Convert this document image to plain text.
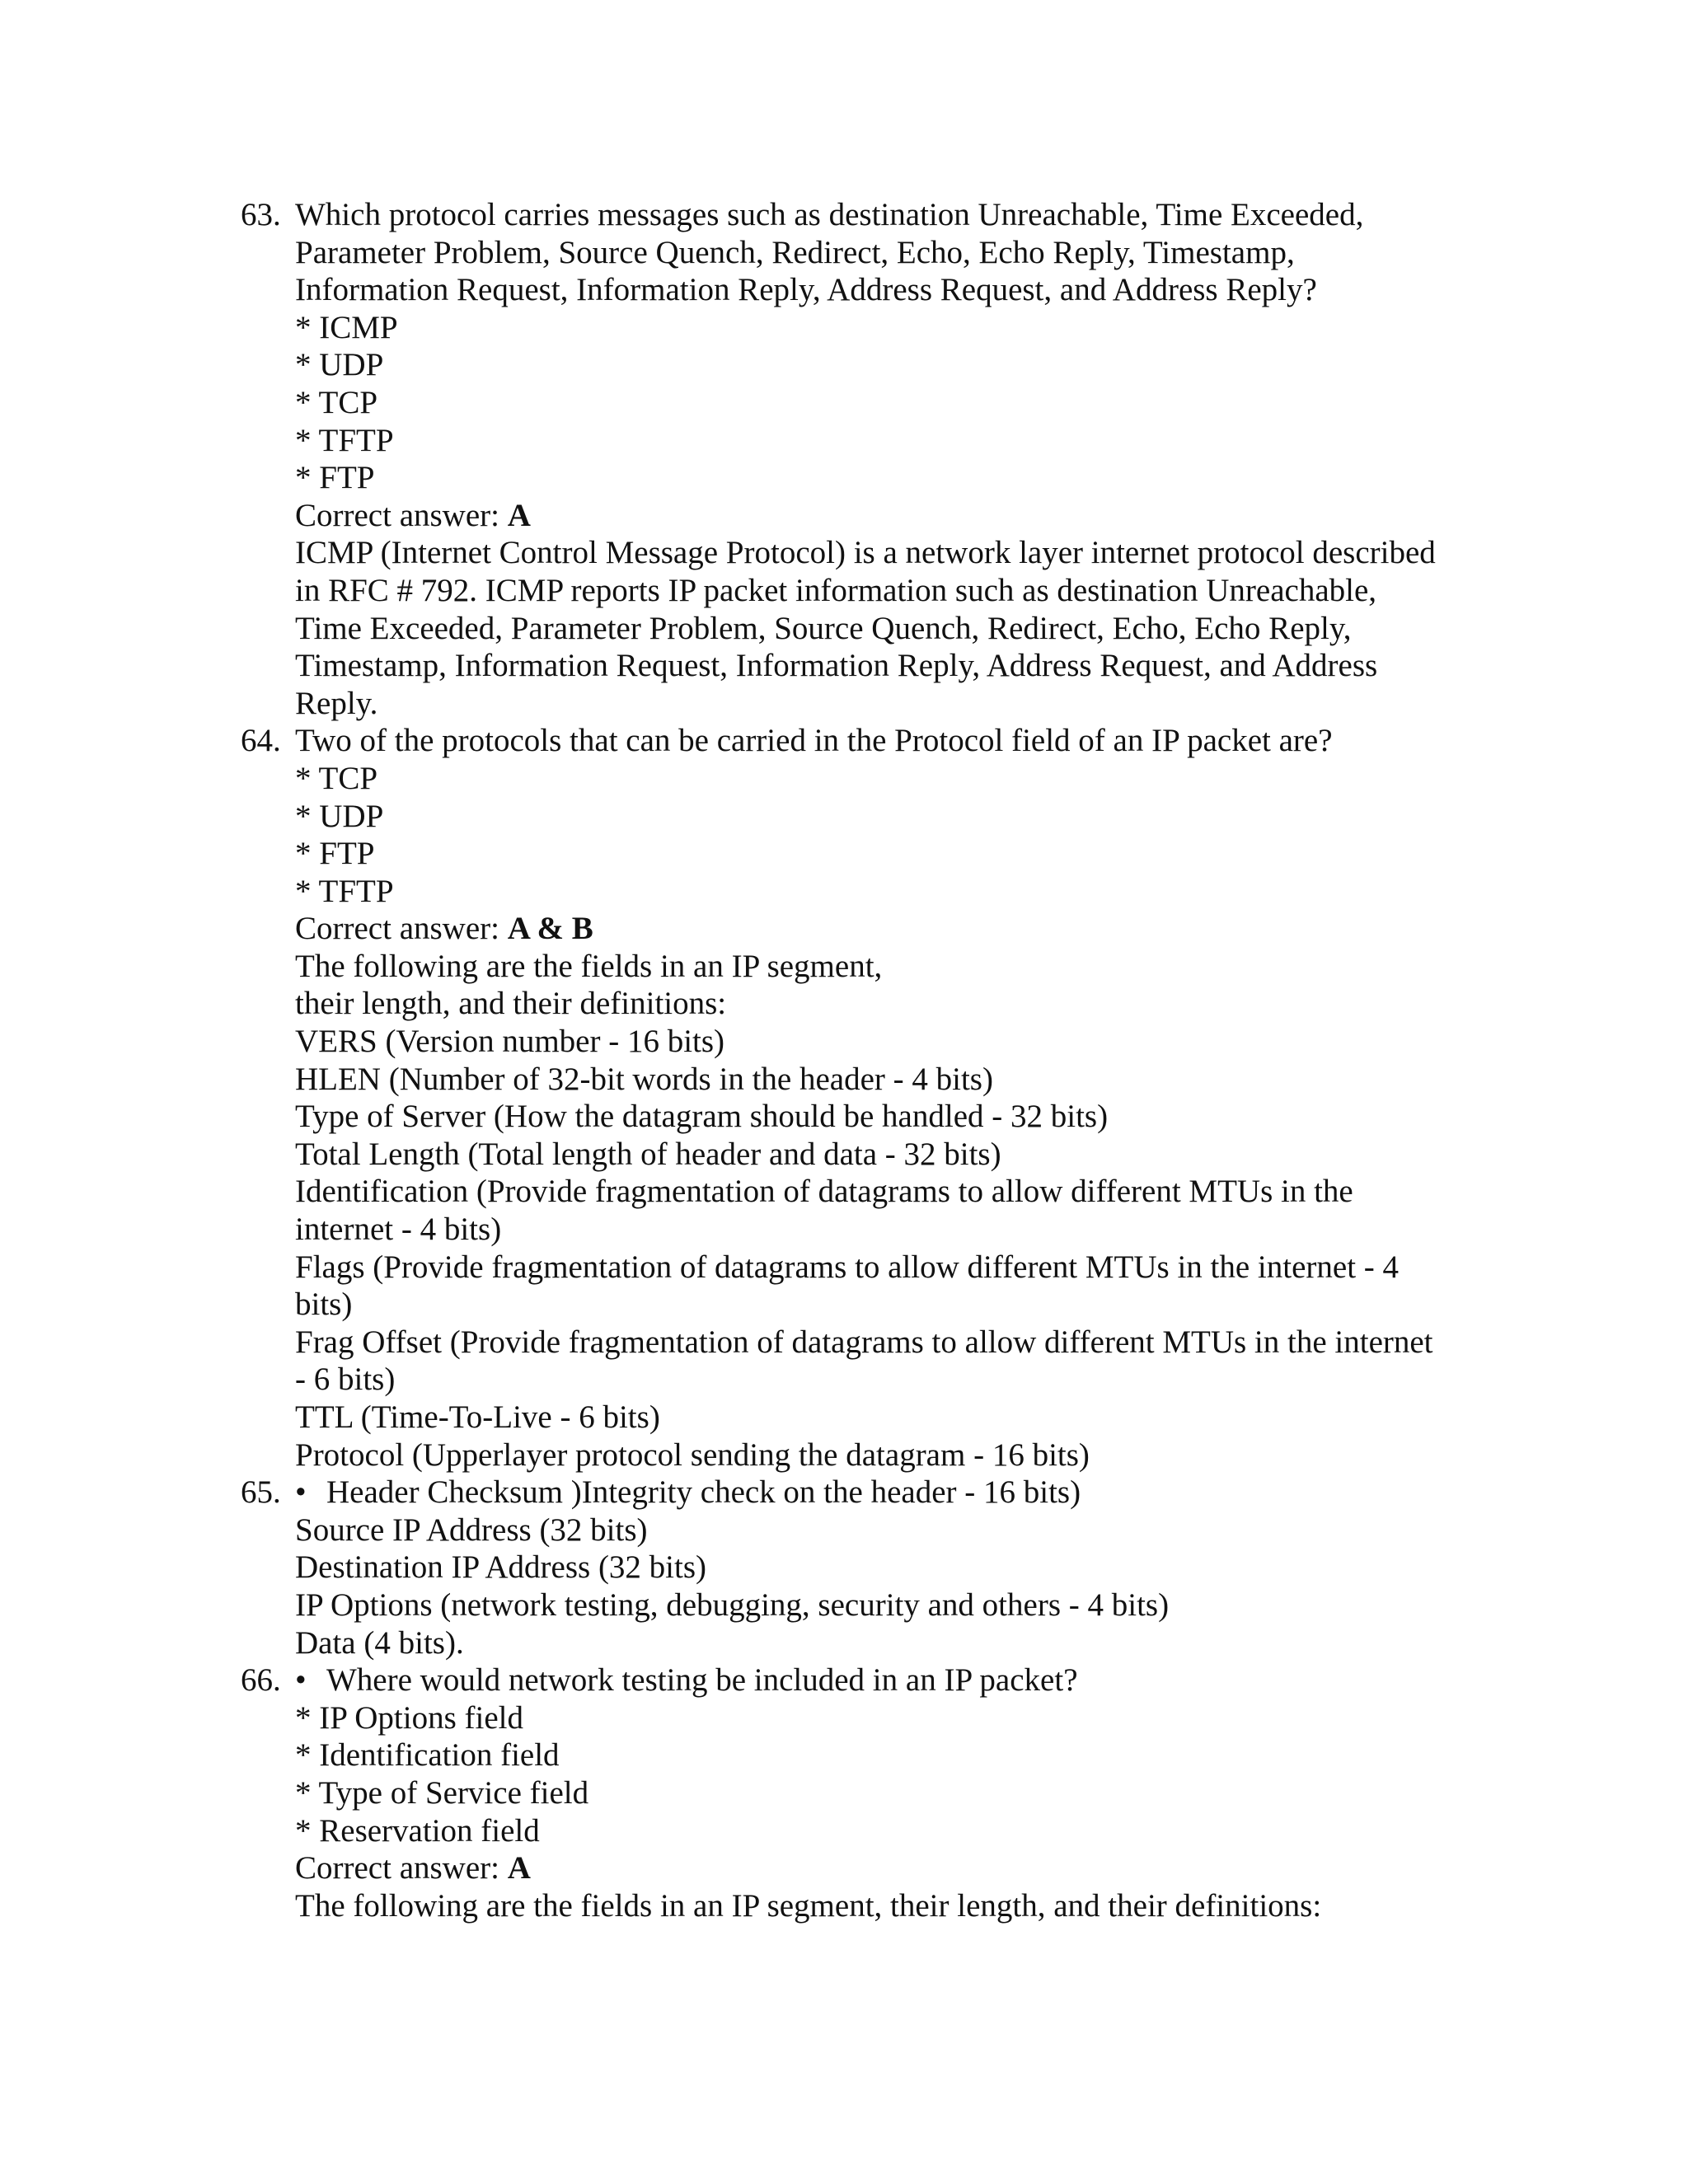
63. Which protocol carries messages such as destination Unreachable, Time Exceeded,
Parameter Problem, Source Quench, Redirect, Echo, Echo Reply, Timestamp,
Information Request, Information Reply, Address Request, and Address Reply?
* ICMP
* UDP
* TCP
* TFTP
* FTP
Correct answer: A
ICMP (Internet Control Message Protocol) is a network layer internet protocol described
in RFC # 792. ICMP reports IP packet information such as destination Unreachable,
Time Exceeded, Parameter Problem, Source Quench, Redirect, Echo, Echo Reply,
Timestamp, Information Request, Information Reply, Address Request, and Address
Reply.
64. Two of the protocols that can be carried in the Protocol field of an IP packet are?
* TCP
* UDP
* FTP
* TFTP
Correct answer: A & B
The following are the fields in an IP segment,
their length, and their definitions:
VERS (Version number - 16 bits)
HLEN (Number of 32-bit words in the header - 4 bits)
Type of Server (How the datagram should be handled - 32 bits)
Total Length (Total length of header and data - 32 bits)
Identification (Provide fragmentation of datagrams to allow different MTUs in the
internet - 4 bits)
Flags (Provide fragmentation of datagrams to allow different MTUs in the internet - 4
bits)
Frag Offset (Provide fragmentation of datagrams to allow different MTUs in the internet
- 6 bits)
TTL (Time-To-Live - 6 bits)
Protocol (Upperlayer protocol sending the datagram - 16 bits)
65. • Header Checksum )Integrity check on the header - 16 bits)
Source IP Address (32 bits)
Destination IP Address (32 bits)
IP Options (network testing, debugging, security and others - 4 bits)
Data (4 bits).
66. • Where would network testing be included in an IP packet?
* IP Options field
* Identification field
* Type of Service field
* Reservation field
Correct answer: A
The following are the fields in an IP segment, their length, and their definitions:
